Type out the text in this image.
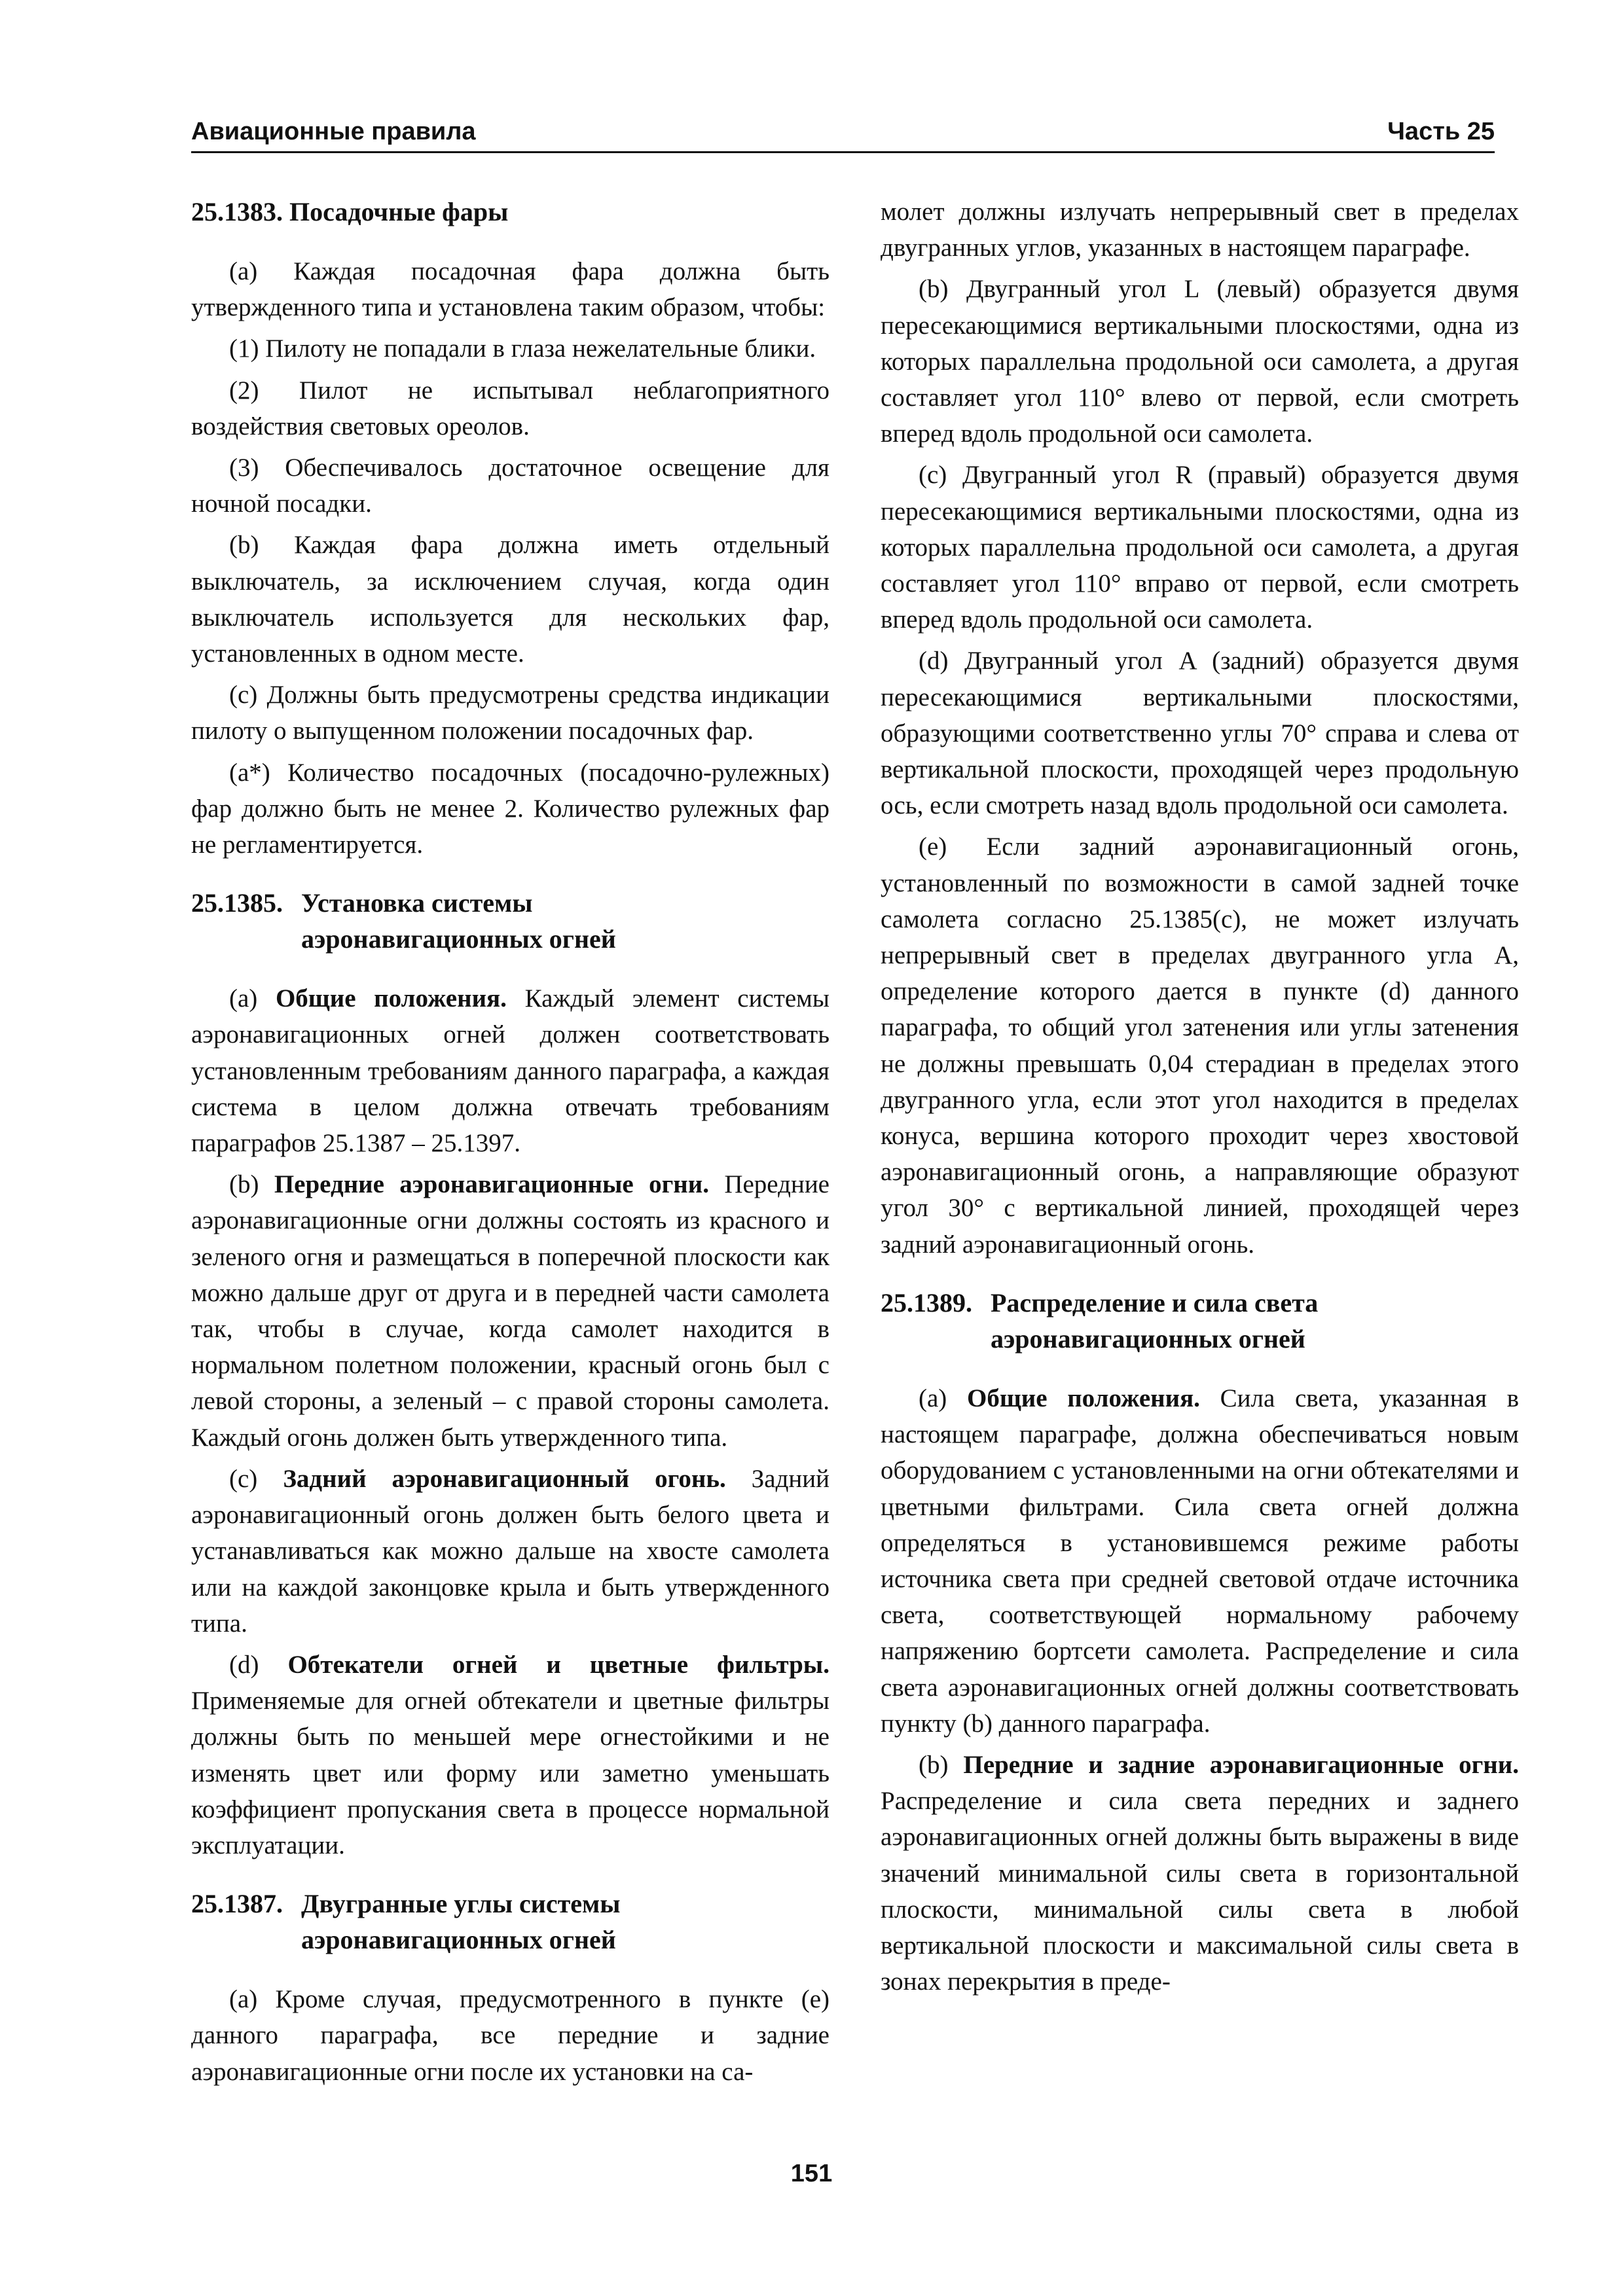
Авиационные правила	Часть 25
25.1383. Посадочные фары

(a) Каждая посадочная фара должна быть утвержденного типа и установлена таким образом, чтобы:

(1) Пилоту не попадали в глаза нежелательные блики.

(2) Пилот не испытывал неблагоприятного воздействия световых ореолов.

(3) Обеспечивалось достаточное освещение для ночной посадки.

(b) Каждая фара должна иметь отдельный выключатель, за исключением случая, когда один выключатель используется для нескольких фар, установленных в одном месте.

(c) Должны быть предусмотрены средства индикации пилоту о выпущенном положении посадочных фар.

(a*) Количество посадочных (посадочно-рулежных) фар должно быть не менее 2. Количество рулежных фар не регламентируется.

25.1385. Установка системы
аэронавигационных огней

(a) Общие положения. Каждый элемент системы аэронавигационных огней должен соответствовать установленным требованиям данного параграфа, а каждая система в целом должна отвечать требованиям параграфов 25.1387 – 25.1397.

(b) Передние аэронавигационные огни. Передние аэронавигационные огни должны состоять из красного и зеленого огня и размещаться в поперечной плоскости как можно дальше друг от друга и в передней части самолета так, чтобы в случае, когда самолет находится в нормальном полетном положении, красный огонь был с левой стороны, а зеленый – с правой стороны самолета. Каждый огонь должен быть утвержденного типа.

(c) Задний аэронавигационный огонь. Задний аэронавигационный огонь должен быть белого цвета и устанавливаться как можно дальше на хвосте самолета или на каждой законцовке крыла и быть утвержденного типа.

(d) Обтекатели огней и цветные фильтры. Применяемые для огней обтекатели и цветные фильтры должны быть по меньшей мере огнестойкими и не изменять цвет или форму или заметно уменьшать коэффициент пропускания света в процессе нормальной эксплуатации.

25.1387. Двугранные углы системы
аэронавигационных огней

(a) Кроме случая, предусмотренного в пункте (e) данного параграфа, все передние и задние аэронавигационные огни после их установки на са-

молет должны излучать непрерывный свет в пределах двугранных углов, указанных в настоящем параграфе.

(b) Двугранный угол L (левый) образуется двумя пересекающимися вертикальными плоскостями, одна из которых параллельна продольной оси самолета, а другая составляет угол 110° влево от первой, если смотреть вперед вдоль продольной оси самолета.

(c) Двугранный угол R (правый) образуется двумя пересекающимися вертикальными плоскостями, одна из которых параллельна продольной оси самолета, а другая составляет угол 110° вправо от первой, если смотреть вперед вдоль продольной оси самолета.

(d) Двугранный угол A (задний) образуется двумя пересекающимися вертикальными плоскостями, образующими соответственно углы 70° справа и слева от вертикальной плоскости, проходящей через продольную ось, если смотреть назад вдоль продольной оси самолета.

(e) Если задний аэронавигационный огонь, установленный по возможности в самой задней точке самолета согласно 25.1385(c), не может излучать непрерывный свет в пределах двугранного угла A, определение которого дается в пункте (d) данного параграфа, то общий угол затенения или углы затенения не должны превышать 0,04 стерадиан в пределах этого двугранного угла, если этот угол находится в пределах конуса, вершина которого проходит через хвостовой аэронавигационный огонь, а направляющие образуют угол 30° с вертикальной линией, проходящей через задний аэронавигационный огонь.

25.1389. Распределение и сила света
аэронавигационных огней

(a) Общие положения. Сила света, указанная в настоящем параграфе, должна обеспечиваться новым оборудованием с установленными на огни обтекателями и цветными фильтрами. Сила света огней должна определяться в установившемся режиме работы источника света при средней световой отдаче источника света, соответствующей нормальному рабочему напряжению бортсети самолета. Распределение и сила света аэронавигационных огней должны соответствовать пункту (b) данного параграфа.

(b) Передние и задние аэронавигационные огни. Распределение и сила света передних и заднего аэронавигационных огней должны быть выражены в виде значений минимальной силы света в горизонтальной плоскости, минимальной силы света в любой вертикальной плоскости и максимальной силы света в зонах перекрытия в преде-

151
